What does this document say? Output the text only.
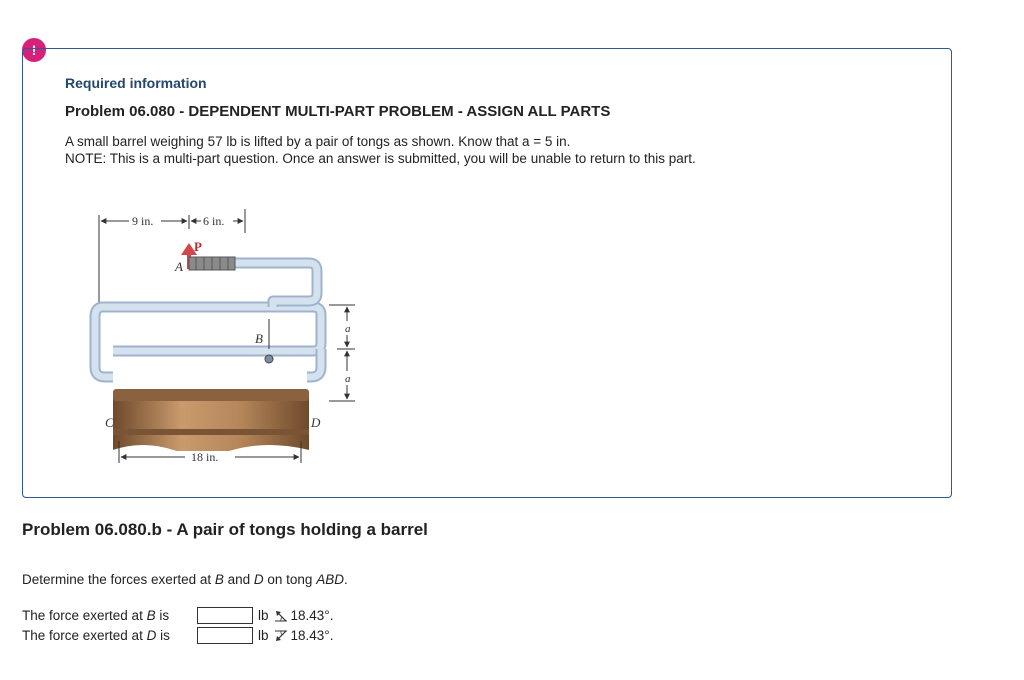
!
Required information
Problem 06.080 - DEPENDENT MULTI-PART PROBLEM - ASSIGN ALL PARTS

A small barrel weighing 57 lb is lifted by a pair of tongs as shown. Know that a = 5 in.

NOTE: This is a multi-part question. Once an answer is submitted, you will be unable to return to this part.

9 in.	6 in.
P
A
B
C	D
a
a
18 in.
Problem 06.080.b - A pair of tongs holding a barrel

Determine the forces exerted at B and D on tong ABD.

The force exerted at B is	lb 18.43°.
The force exerted at D is	lb 18.43°.
